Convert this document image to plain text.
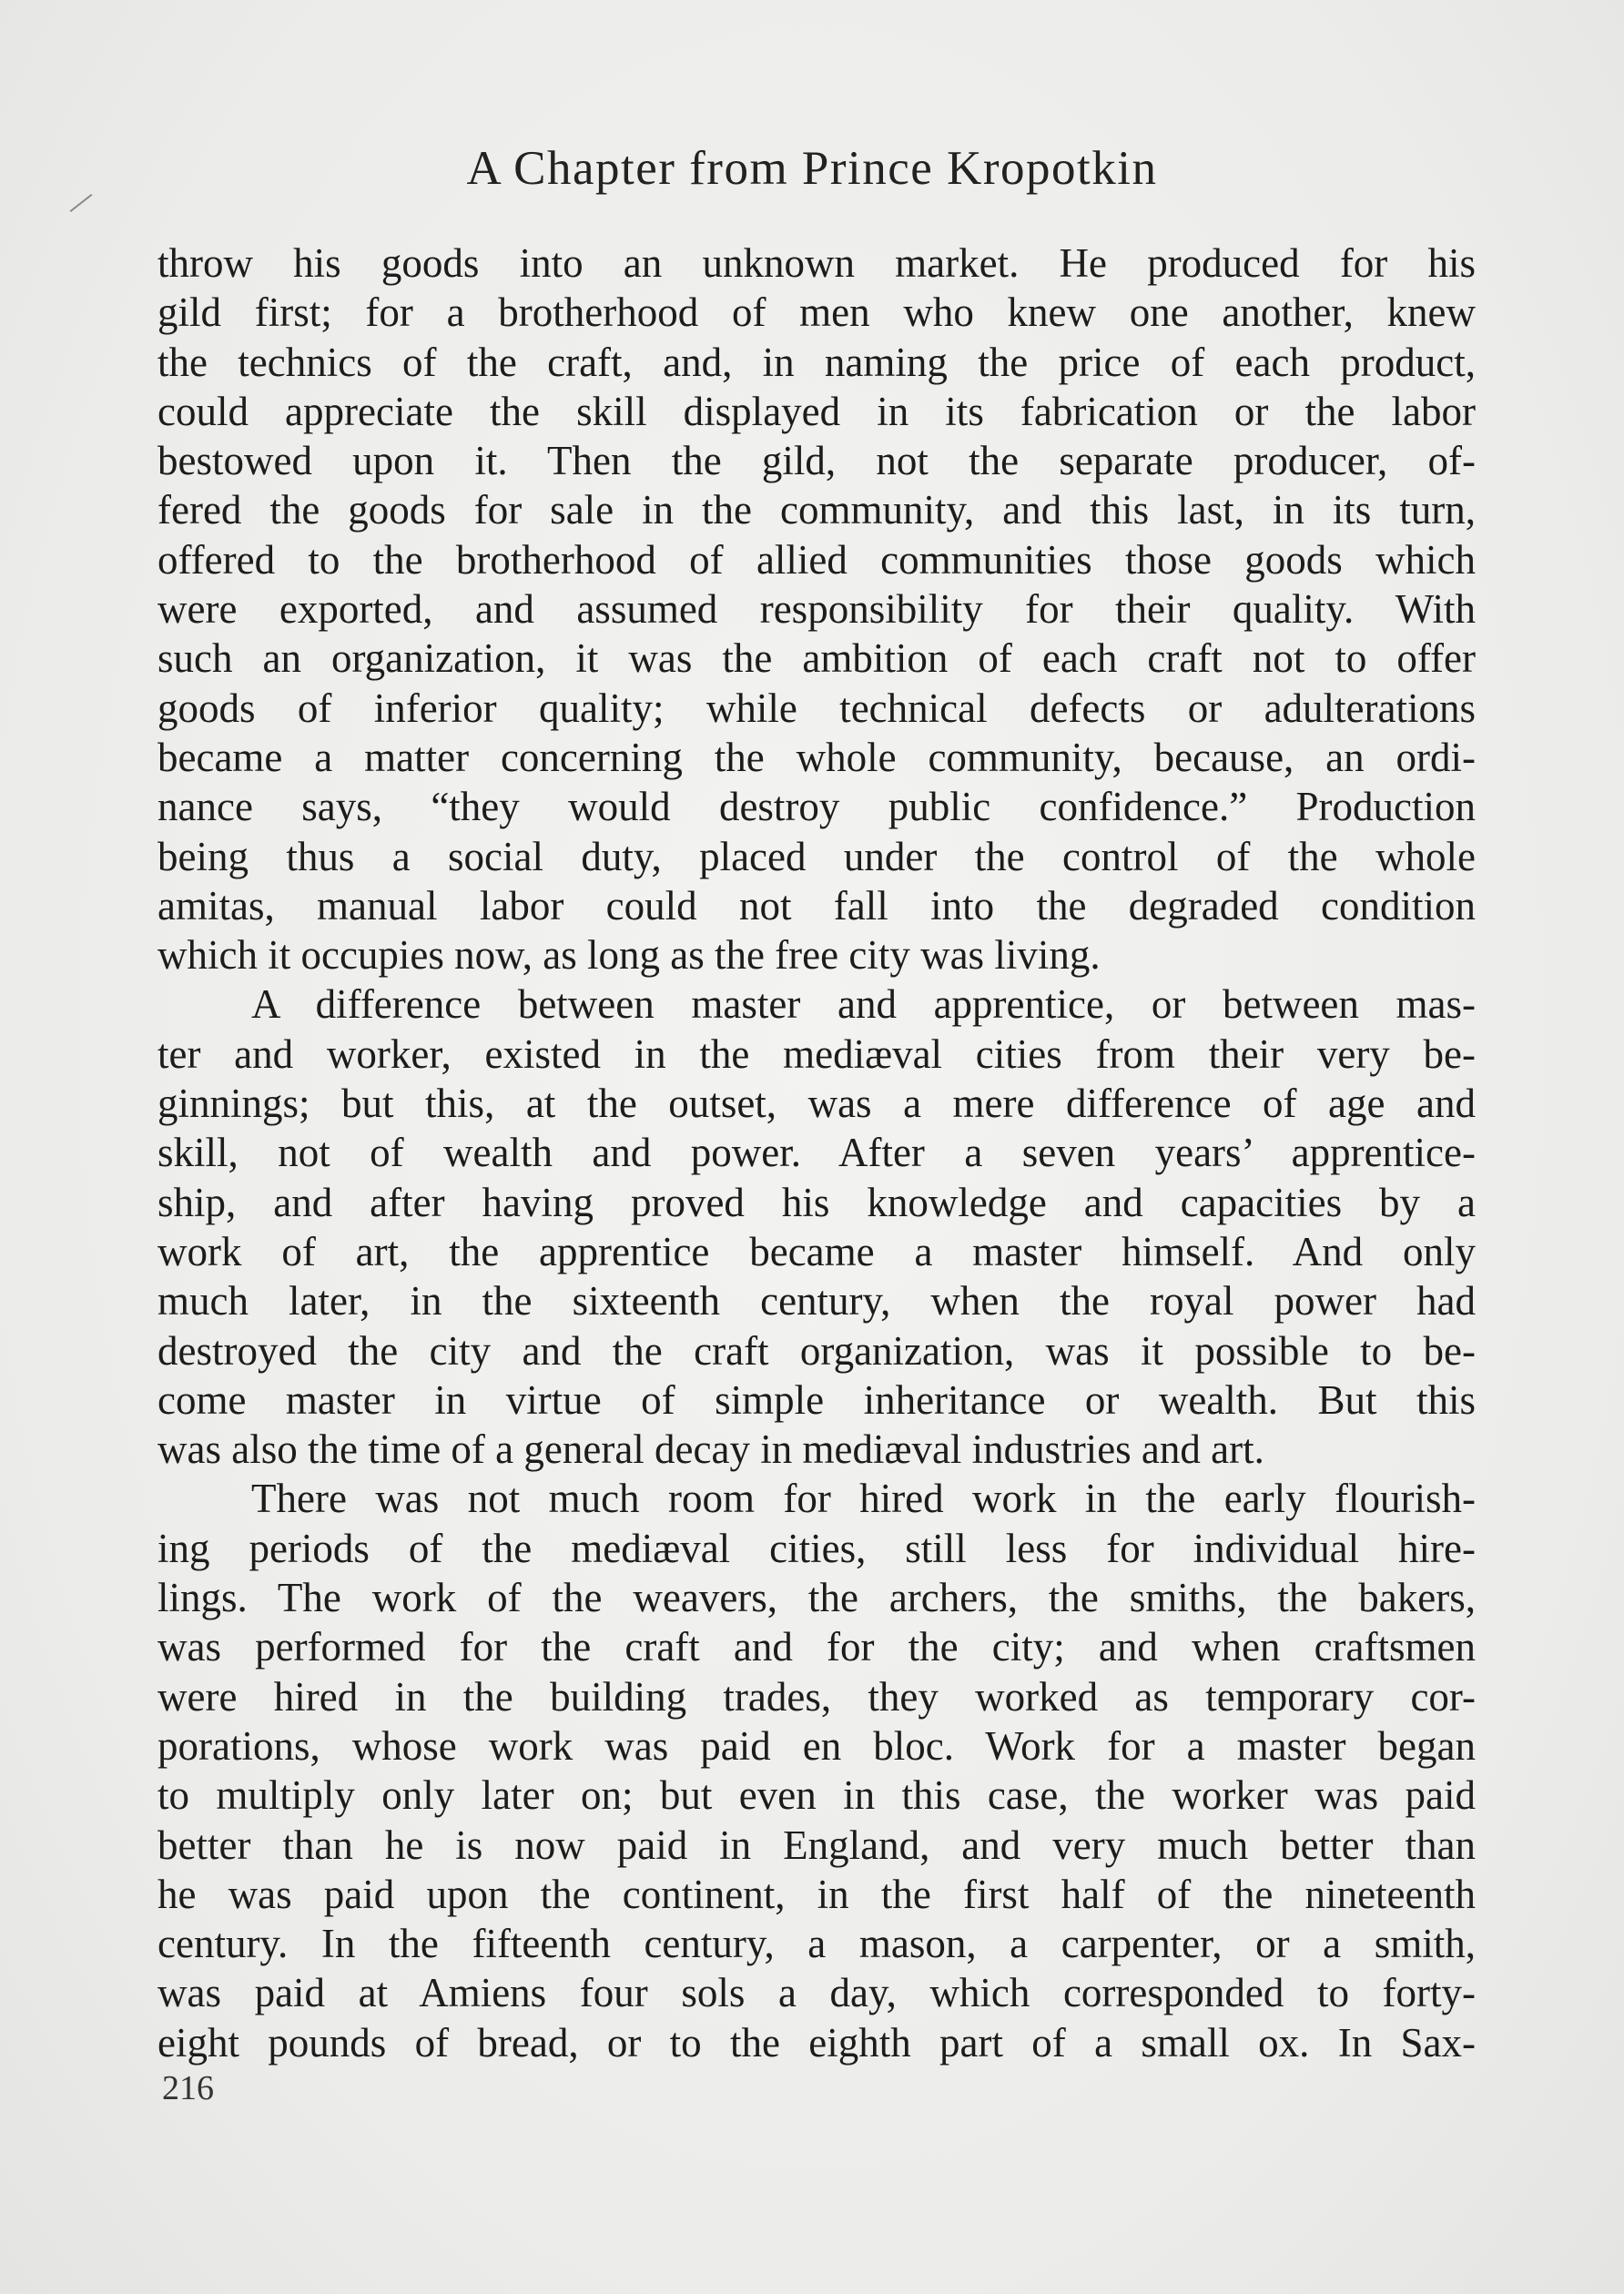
A Chapter from Prince Kropotkin
throw his goods into an unknown market. He produced for his
gild first; for a brotherhood of men who knew one another, knew
the technics of the craft, and, in naming the price of each product,
could appreciate the skill displayed in its fabrication or the labor
bestowed upon it. Then the gild, not the separate producer, of-
fered the goods for sale in the community, and this last, in its turn,
offered to the brotherhood of allied communities those goods which
were exported, and assumed responsibility for their quality. With
such an organization, it was the ambition of each craft not to offer
goods of inferior quality; while technical defects or adulterations
became a matter concerning the whole community, because, an ordi-
nance says, “they would destroy public confidence.” Production
being thus a social duty, placed under the control of the whole
amitas, manual labor could not fall into the degraded condition
which it occupies now, as long as the free city was living.
A difference between master and apprentice, or between mas-
ter and worker, existed in the mediæval cities from their very be-
ginnings; but this, at the outset, was a mere difference of age and
skill, not of wealth and power. After a seven years’ apprentice-
ship, and after having proved his knowledge and capacities by a
work of art, the apprentice became a master himself. And only
much later, in the sixteenth century, when the royal power had
destroyed the city and the craft organization, was it possible to be-
come master in virtue of simple inheritance or wealth. But this
was also the time of a general decay in mediæval industries and art.
There was not much room for hired work in the early flourish-
ing periods of the mediæval cities, still less for individual hire-
lings. The work of the weavers, the archers, the smiths, the bakers,
was performed for the craft and for the city; and when craftsmen
were hired in the building trades, they worked as temporary cor-
porations, whose work was paid en bloc. Work for a master began
to multiply only later on; but even in this case, the worker was paid
better than he is now paid in England, and very much better than
he was paid upon the continent, in the first half of the nineteenth
century. In the fifteenth century, a mason, a carpenter, or a smith,
was paid at Amiens four sols a day, which corresponded to forty-
eight pounds of bread, or to the eighth part of a small ox. In Sax-
216
